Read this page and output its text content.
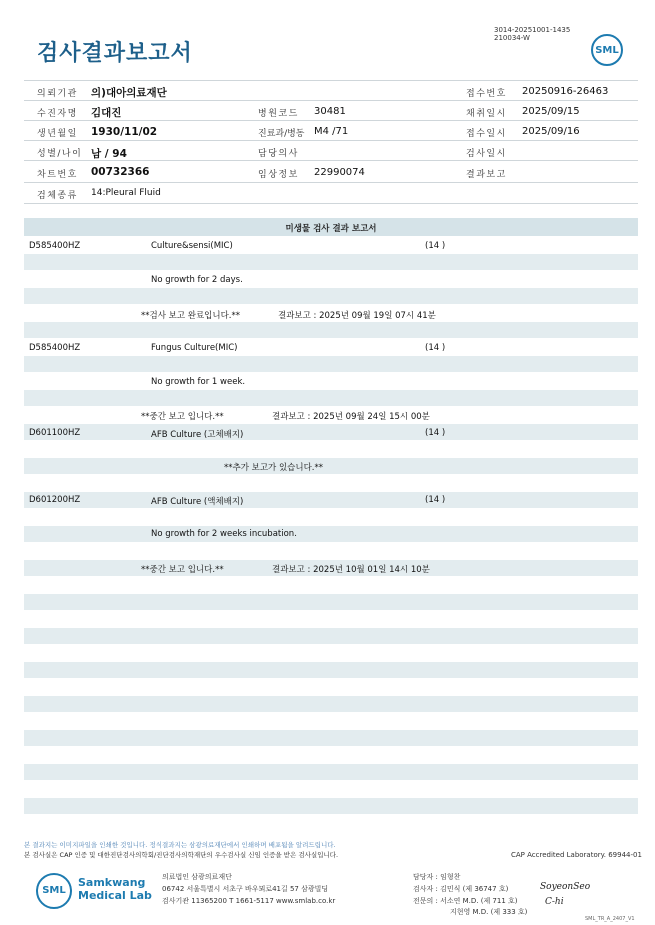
검사결과보고서
3014-20251001-1435
210034-W
SML
의뢰기관 의)대아의료재단	접수번호 20250916-26463
수진자명 김대진	병원코드 30481	채취일시 2025/09/15
생년월일 1930/11/02	진료과/병동 M4 /71	접수일시 2025/09/16
성별/나이 남 / 94	담당의사	검사일시
차트번호 00732366	임상정보 22990074	결과보고
검체종류 14:Pleural Fluid
미생물 검사 결과 보고서
D585400HZ	Culture&sensi(MIC)	(14 )
No growth for 2 days.
**검사 보고 완료입니다.**	결과보고 : 2025년 09월 19일 07시 41분
D585400HZ	Fungus Culture(MIC)	(14 )
No growth for 1 week.
**중간 보고 입니다.**	결과보고 : 2025년 09월 24일 15시 00분
D601100HZ	AFB Culture (고체배지)	(14 )
**추가 보고가 있습니다.**
D601200HZ	AFB Culture (액체배지)	(14 )
No growth for 2 weeks incubation.
**중간 보고 입니다.**	결과보고 : 2025년 10월 01일 14시 10분
본 결과지는 이미지파일을 인쇄한 것입니다. 정식결과지는 삼광의료재단에서 인쇄하며 배포됨을 알려드립니다.
본 검사실은 CAP 인증 및 대한진단검사의학회/진단검사의학재단의 우수검사실 신임 인증을 받은 검사실입니다.	CAP Accredited Laboratory. 69944-01
SML
Samkwang
Medical Lab
의료법인 삼광의료재단
06742 서울특별시 서초구 바우뫼로41길 57 삼광빌딩
검사기관 11365200 T 1661-5117 www.smlab.co.kr
담당자 : 임형찬
검사자 : 김민식 (제 36747 호)
전문의 : 서소연 M.D. (제 711 호)
지현영 M.D. (제 333 호)
SoyeonSeo
C-hi
SML_TR_A_2407_V1
